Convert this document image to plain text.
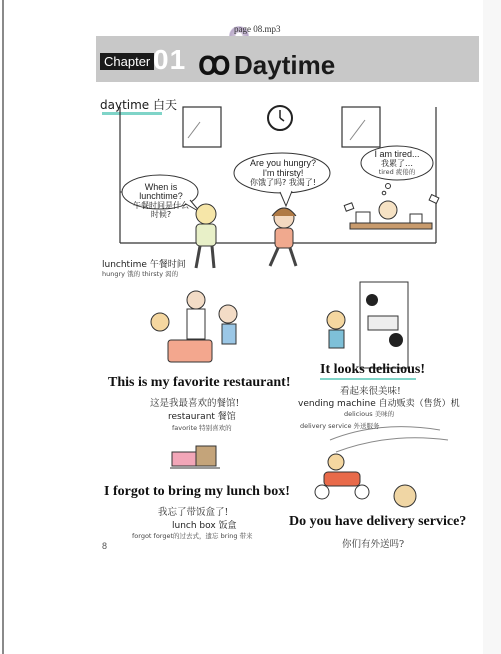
page 08.mp3
Chapter 01 ꝏ Daytime
daytime 白天
When is lunchtime?
午餐时间是什么
时候?
Are you hungry?
I'm thirsty!
你饿了吗? 我渴了!
I am tired...
我累了…
tired 疲倦的
lunchtime 午餐时间
hungry 饿的 thirsty 渴的
This is my favorite restaurant!
这是我最喜欢的餐馆!
restaurant 餐馆
favorite 特别喜欢的
It looks delicious!
看起来很美味!
vending machine 自动贩卖（售货）机
delicious 美味的
delivery service 外送服务
I forgot to bring my lunch box!
我忘了带饭盒了!
lunch box 饭盒
forgot forget的过去式，遗忘 bring 带来
Do you have delivery service?
你们有外送吗?
8
